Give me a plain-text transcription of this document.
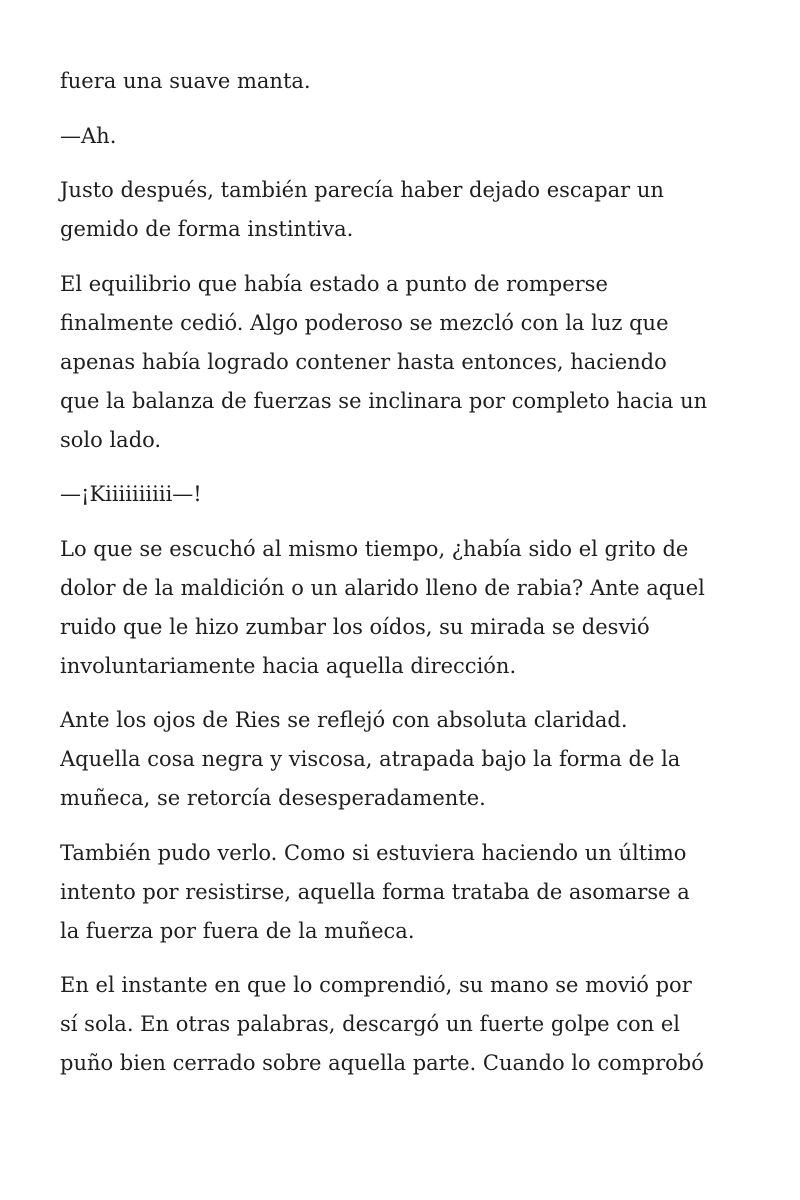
fuera una suave manta.

—Ah.

Justo después, también parecía haber dejado escapar un
gemido de forma instintiva.

El equilibrio que había estado a punto de romperse
finalmente cedió. Algo poderoso se mezcló con la luz que
apenas había logrado contener hasta entonces, haciendo
que la balanza de fuerzas se inclinara por completo hacia un
solo lado.

—¡Kiiiiiiiiii—!

Lo que se escuchó al mismo tiempo, ¿había sido el grito de
dolor de la maldición o un alarido lleno de rabia? Ante aquel
ruido que le hizo zumbar los oídos, su mirada se desvió
involuntariamente hacia aquella dirección.

Ante los ojos de Ries se reflejó con absoluta claridad.
Aquella cosa negra y viscosa, atrapada bajo la forma de la
muñeca, se retorcía desesperadamente.

También pudo verlo. Como si estuviera haciendo un último
intento por resistirse, aquella forma trataba de asomarse a
la fuerza por fuera de la muñeca.

En el instante en que lo comprendió, su mano se movió por
sí sola. En otras palabras, descargó un fuerte golpe con el
puño bien cerrado sobre aquella parte. Cuando lo comprobó
